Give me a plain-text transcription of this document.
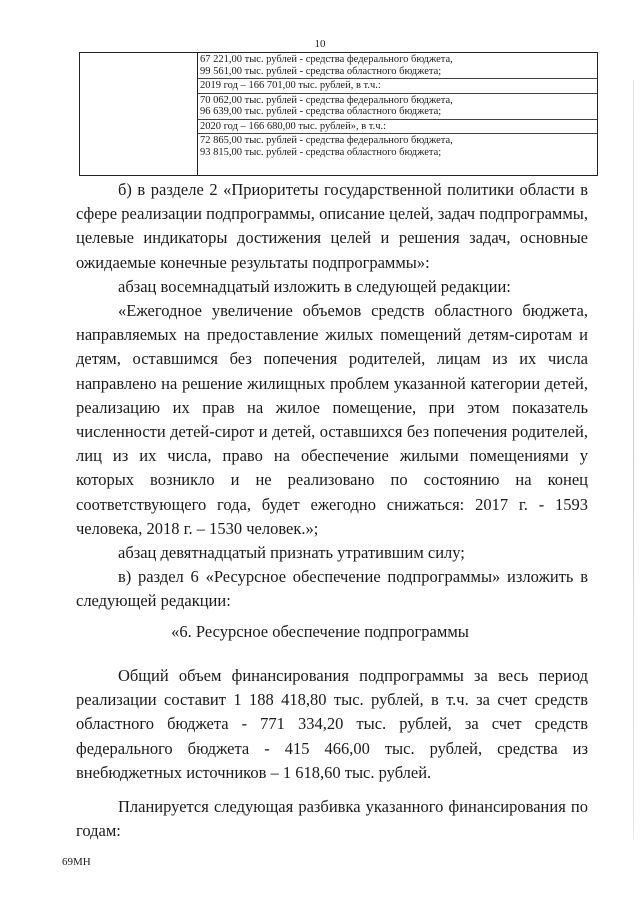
10
67 221,00 тыс. рублей - средства федерального бюджета,
99 561,00 тыс. рублей - средства областного бюджета;
2019 год – 166 701,00 тыс. рублей, в т.ч.:
70 062,00 тыс. рублей - средства федерального бюджета,
96 639,00 тыс. рублей - средства областного бюджета;
2020 год – 166 680,00 тыс. рублей», в т.ч.:
72 865,00 тыс. рублей - средства федерального бюджета,
93 815,00 тыс. рублей - средства областного бюджета;

б) в разделе 2 «Приоритеты государственной политики области в сфере реализации подпрограммы, описание целей, задач подпрограммы, целевые индикаторы достижения целей и решения задач, основные ожидаемые конечные результаты подпрограммы»:

абзац восемнадцатый изложить в следующей редакции:

«Ежегодное увеличение объемов средств областного бюджета, направляемых на предоставление жилых помещений детям-сиротам и детям, оставшимся без попечения родителей, лицам из их числа направлено на решение жилищных проблем указанной категории детей, реализацию их прав на жилое помещение, при этом показатель численности детей-сирот и детей, оставшихся без попечения родителей, лиц из их числа, право на обеспечение жилыми помещениями у которых возникло и не реализовано по состоянию на конец соответствующего года, будет ежегодно снижаться: 2017 г. - 1593 человека, 2018 г. – 1530 человек.»;

абзац девятнадцатый признать утратившим силу;

в) раздел 6 «Ресурсное обеспечение подпрограммы» изложить в следующей редакции:

«6. Ресурсное обеспечение подпрограммы

Общий объем финансирования подпрограммы за весь период реализации составит 1 188 418,80 тыс. рублей, в т.ч. за счет средств областного бюджета - 771 334,20 тыс. рублей, за счет средств федерального бюджета - 415 466,00 тыс. рублей, средства из внебюджетных источников – 1 618,60 тыс. рублей.

Планируется следующая разбивка указанного финансирования по годам:

69МН
